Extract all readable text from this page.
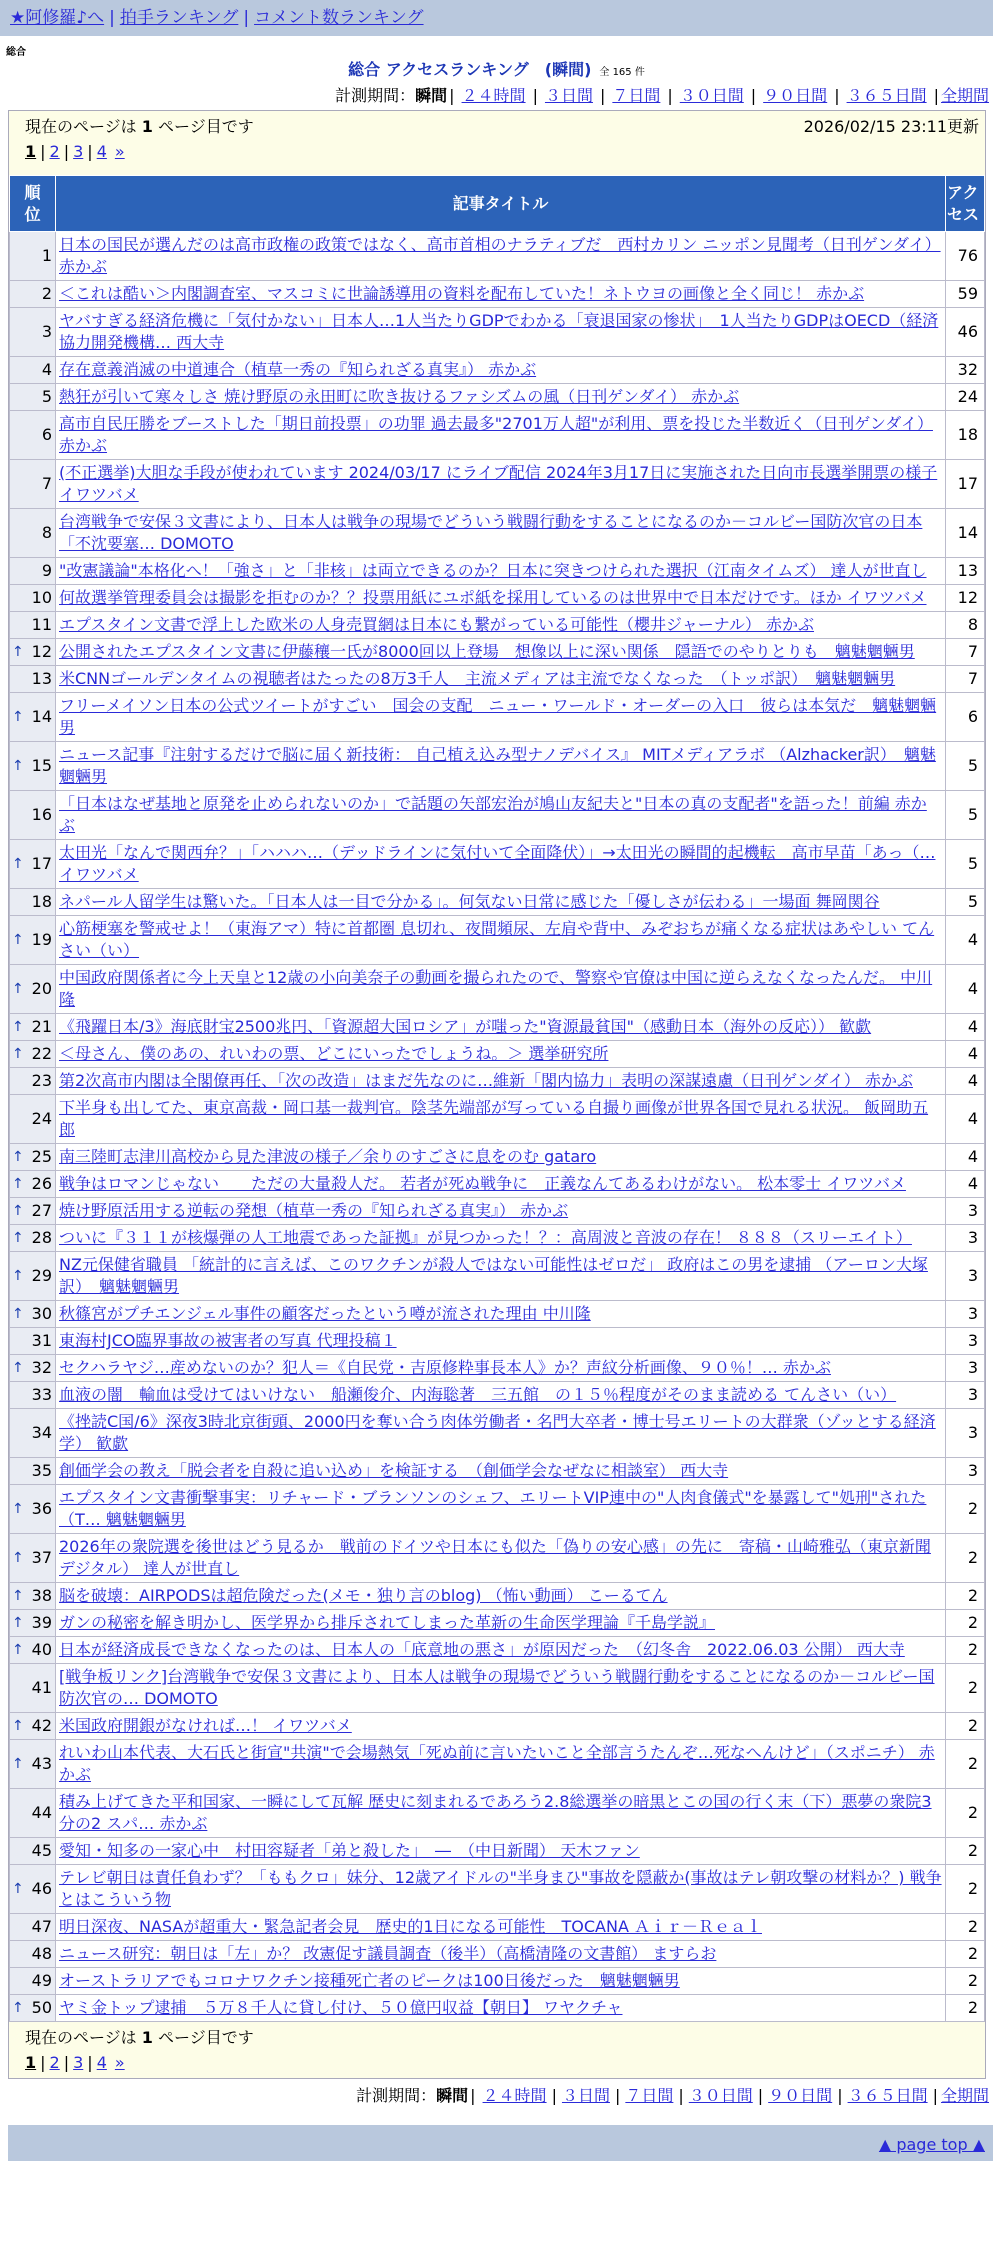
★阿修羅♪へ | 拍手ランキング | コメント数ランキング
総合
総合 アクセスランキング　(瞬間) 全 165 件
計測期間：瞬間 | ２４時間 | ３日間 | ７日間 | ３０日間 | ９０日間 | ３６５日間 | 全期間
現在のページは 1 ページ目です	2026/02/15 23:11更新
1 | 2 | 3 | 4 »
順位	記事タイトル	アクセス

1	日本の国民が選んだのは高市政権の政策ではなく、高市首相のナラティブだ　西村カリン ニッポン見聞考（日刊ゲンダイ） 赤かぶ	76
2	＜これは酷い＞内閣調査室、マスコミに世論誘導用の資料を配布していた！ネトウヨの画像と全く同じ！ 赤かぶ	59
3	ヤバすぎる経済危機に「気付かない」日本人…1人当たりGDPでわかる「衰退国家の惨状」　1人当たりGDPはOECD（経済協力開発機構… 西大寺	46
4	存在意義消滅の中道連合（植草一秀の『知られざる真実』） 赤かぶ	32
5	熱狂が引いて寒々しさ 焼け野原の永田町に吹き抜けるファシズムの風（日刊ゲンダイ） 赤かぶ	24
6	高市自民圧勝をブーストした「期日前投票」の功罪 過去最多"2701万人超"が利用、票を投じた半数近く（日刊ゲンダイ） 赤かぶ	18
7	(不正選挙)大胆な手段が使われています 2024/03/17 にライブ配信 2024年3月17日に実施された日向市長選挙開票の様子 イワツバメ	17
8	台湾戦争で安保３文書により、日本人は戦争の現場でどういう戦闘行動をすることになるのか－コルビー国防次官の日本「不沈要塞… DOMOTO	14
9	"改憲議論"本格化へ！「強さ」と「非核」は両立できるのか？日本に突きつけられた選択（江南タイムズ） 達人が世直し	13
10	何故選挙管理委員会は撮影を拒むのか？？投票用紙にユポ紙を採用しているのは世界中で日本だけです。ほか イワツバメ	12
11	エプスタイン文書で浮上した欧米の人身売買網は日本にも繋がっている可能性（櫻井ジャーナル） 赤かぶ	8

↑ 12	公開されたエプスタイン文書に伊藤穰一氏が8000回以上登場　想像以上に深い関係　隠語でのやりとりも　魑魅魍魎男	7
13	米CNNゴールデンタイムの視聴者はたったの8万3千人　主流メディアは主流でなくなった　（トッポ訳）　魑魅魍魎男	7

↑ 14	フリーメイソン日本の公式ツイートがすごい　国会の支配　ニュー・ワールド・オーダーの入口　彼らは本気だ　魑魅魍魎男	6

↑ 15	ニュース記事『注射するだけで脳に届く新技術： 自己植え込み型ナノデバイス』 MITメディアラボ （Alzhacker訳）　魑魅魍魎男	5
16	「日本はなぜ基地と原発を止められないのか」で話題の矢部宏治が鳩山友紀夫と"日本の真の支配者"を語った！前編 赤かぶ	5

↑ 17	太田光「なんで関西弁？」「ハハハ…（デッドラインに気付いて全面降伏）」→太田光の瞬間的起機転　高市早苗「あっ（… イワツバメ	5
18	ネパール人留学生は驚いた。「日本人は一目で分かる」。何気ない日常に感じた「優しさが伝わる」一場面 舞岡関谷	5

↑ 19	心筋梗塞を警戒せよ！（東海アマ）特に首都圏 息切れ、夜間頻尿、左肩や背中、みぞおちが痛くなる症状はあやしい てんさい（い）	4

↑ 20	中国政府関係者に今上天皇と12歳の小向美奈子の動画を撮られたので、警察や官僚は中国に逆らえなくなったんだ。 中川隆	4

↑ 21	《飛躍日本/3》海底財宝2500兆円、「資源超大国ロシア」が嗤った"資源最貧国"（感動日本（海外の反応）） 歓歔	4

↑ 22	＜母さん、僕のあの、れいわの票、どこにいったでしょうね。＞ 選挙研究所	4
23	第2次高市内閣は全閣僚再任、「次の改造」はまだ先なのに…維新「閣内協力」表明の深謀遠慮（日刊ゲンダイ） 赤かぶ	4
24	下半身も出してた、東京高裁・岡口基一裁判官。陰茎先端部が写っている自撮り画像が世界各国で見れる状況。 飯岡助五郎	4

↑ 25	南三陸町志津川高校から見た津波の様子／余りのすごさに息をのむ gataro	4

↑ 26	戦争はロマンじゃない　　ただの大量殺人だ。 若者が死ぬ戦争に　正義なんてあるわけがない。 松本零士 イワツバメ	4

↑ 27	焼け野原活用する逆転の発想（植草一秀の『知られざる真実』） 赤かぶ	3

↑ 28	ついに『３１１が核爆弾の人工地震であった証拠』が見つかった！？：高周波と音波の存在！ ８８８（スリーエイト）	3

↑ 29	NZ元保健省職員 「統計的に言えば、このワクチンが殺人ではない可能性はゼロだ」 政府はこの男を逮捕 （アーロン大塚訳）　魑魅魍魎男	3

↑ 30	秋篠宮がプチエンジェル事件の顧客だったという噂が流された理由 中川隆	3
31	東海村JCO臨界事故の被害者の写真 代理投稿１	3

↑ 32	セクハラヤジ…産めないのか？犯人＝《自民党・吉原修粋事長本人》か？声紋分析画像、９０％！… 赤かぶ	3
33	血液の闇　輸血は受けてはいけない　船瀬俊介、内海聡著　三五館　の１５％程度がそのまま読める てんさい（い）	3
34	《挫読C国/6》深夜3時北京街頭、2000円を奪い合う肉体労働者・名門大卒者・博士号エリートの大群衆（ゾッとする経済学） 歓歔	3
35	創価学会の教え「脱会者を自殺に追い込め」を検証する　（創価学会なぜなに相談室） 西大寺	3

↑ 36	エプスタイン文書衝撃事実：リチャード・ブランソンのシェフ、エリートVIP連中の"人肉食儀式"を暴露して"処刑"された（T… 魑魅魍魎男	2

↑ 37	2026年の衆院選を後世はどう見るか　戦前のドイツや日本にも似た「偽りの安心感」の先に　寄稿・山崎雅弘（東京新聞デジタル） 達人が世直し	2

↑ 38	脳を破壊：AIRPODSは超危険だった(メモ・独り言のblog) （怖い動画） こーるてん	2

↑ 39	ガンの秘密を解き明かし、医学界から排斥されてしまった革新の生命医学理論『千島学説』	2

↑ 40	日本が経済成長できなくなったのは、日本人の「底意地の悪さ」が原因だった　（幻冬舎　2022.06.03 公開） 西大寺	2
41	[戦争板リンク]台湾戦争で安保３文書により、日本人は戦争の現場でどういう戦闘行動をすることになるのか－コルビー国防次官の… DOMOTO	2

↑ 42	米国政府開銀がなければ…！ イワツバメ	2

↑ 43	れいわ山本代表、大石氏と街宣"共演"で会場熱気「死ぬ前に言いたいこと全部言うたんぞ…死なへんけど」（スポニチ） 赤かぶ	2
44	積み上げてきた平和国家、一瞬にして瓦解 歴史に刻まれるであろう2.8総選挙の暗黒とこの国の行く末（下）悪夢の衆院3分の2 スパ… 赤かぶ	2
45	愛知・知多の一家心中　村田容疑者「弟と殺した」　―　（中日新聞） 天木ファン	2

↑ 46	テレビ朝日は責任負わず？「ももクロ」妹分、12歳アイドルの"半身まひ"事故を隠蔽か(事故はテレ朝攻撃の材料か？) 戦争とはこういう物	2
47	明日深夜、NASAが超重大・緊急記者会見　歴史的1日になる可能性　TOCANA Ａｉｒ－Ｒｅａｌ	2
48	ニュース研究：朝日は「左」か？ 改憲促す議員調査（後半）（高橋清隆の文書館） ますらお	2
49	オーストラリアでもコロナワクチン接種死亡者のピークは100日後だった　魑魅魍魎男	2

↑ 50	ヤミ金トップ逮捕　５万８千人に貸し付け、５０億円収益【朝日】 ワヤクチャ	2
現在のページは 1 ページ目です
1 | 2 | 3 | 4 »
計測期間：瞬間 | ２４時間 | ３日間 | ７日間 | ３０日間 | ９０日間 | ３６５日間 | 全期間
▲ page top ▲
